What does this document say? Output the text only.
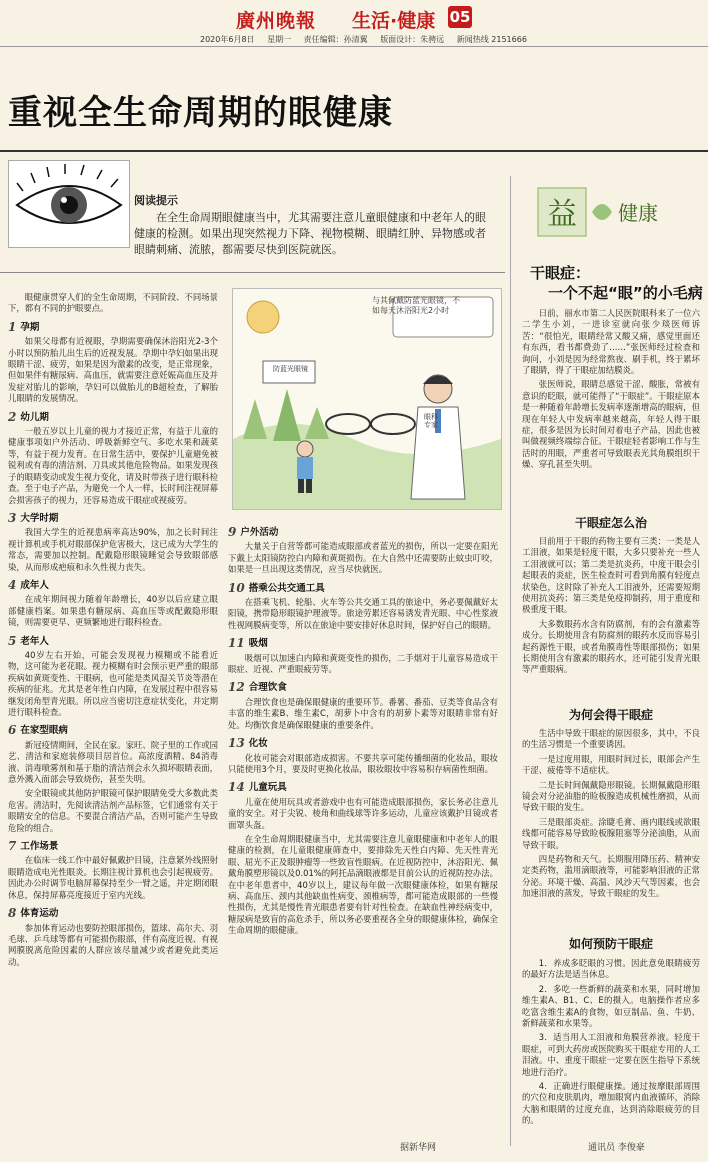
廣州晚報 生活·健康 05
2020年6月8日 星期一 责任编辑：孙清翼 版面设计：朱骋远 新闻热线 2151666
重视全生命周期的眼健康
阅读提示
在全生命周期眼健康当中，尤其需要注意儿童眼健康和中老年人的眼健康的检测。如果出现突然视力下降、视物模糊、眼睛红肿、异物感或者眼睛刺痛、流脓，都需要尽快到医院就医。

眼健康贯穿人们的全生命周期，不同阶段、不同场景下，都有不同的护眼要点。

1 孕期

如果父母都有近视眼，孕期需要确保沐浴阳光2-3个小时以预防胎儿出生后的近视发展。孕期中孕妇如果出现眼睛干涩、疲劳，如果是因为激素的改变，是正常现象，但如果伴有糖尿病、高血压，就需要注意妊娠高血压及并发症对胎儿的影响，孕妇可以做胎儿的B超检查，了解胎儿眼睛的发展情况。

2 幼儿期

一般五岁以上儿童的视力才接近正常，有益于儿童的健康事项如户外活动、呼吸新鲜空气、多吃水果和蔬菜等，有益于视力发育。在日常生活中，要保护儿童避免被锐利或有毒的清洁剂、刀具或其他危险物品。如果发现孩子的眼睛变动或发生视力变化，请及时带孩子进行眼科检查。至于电子产品，为避免一个人一样，长时间注视屏幕会损害孩子的视力，还容易造成干眼症或视疲劳。

3 大学时期

我国大学生的近视患病率高达90%，加之长时间注视计算机或手机对眼部保护危害极大，这已成为大学生的常态，需要加以控制。配戴隐形眼镜睡觉会导致眼部感染，从而形成疤痕和永久性视力丧失。

4 成年人

在成年期间视力随着年龄增长，40岁以后应建立眼部健康档案。如果患有糖尿病、高血压等或配戴隐形眼镜，则需要更早、更频繁地进行眼科检查。

5 老年人

40岁左右开始，可能会发现视力模糊或不能看近物，这可能为老花眼。视力模糊有时会预示更严重的眼部疾病如黄斑变性、干眼病，也可能是类风湿关节炎等潜在疾病的征兆。尤其是老年性白内障，在发展过程中很容易继发闭角型青光眼。所以应当密切注意症状变化，并定期进行眼科检查。

6 在家型眼病

新冠疫情期间，全民在家。家旺、院子里的工作或园艺、清洁和家庭装修项目居首位。高浓度酒精、84消毒液、消毒喷雾剂和基于脂的清洁剂会永久损坏眼睛表面，意外溅入面部会导致烧伤，甚至失明。

安全眼镜或其他防护眼镜可保护眼睛免受大多数此类危害。清洁时，先阅读清洁剂产品标签，它们通常有关于眼睛安全的信息。不要混合清洁产品，否则可能产生导致危险的组合。

7 工作场景

在临床一线工作中最好佩戴护目镜，注意紧外线照射眼睛造成电光性眼炎。长期注视计算机也会引起视疲劳。因此办公时调节电脑屏幕保持至少一臂之遥，并定期闭眼休息，保持屏幕亮度接近于室内光线。

8 体育运动

参加体育运动也要防控眼部损伤，篮球、高尔夫、羽毛球、乒乓球等都有可能损伤眼部，伴有高度近视、有视网膜脱离危险因素的人群应该尽量减少或者避免此类运动。

与其佩戴防蓝光眼镜，不如每天沐浴阳光2小时
防蓝光眼镜
眼科专家
9 户外活动

大量关于自营等都可能造成眼部或者蓝光的损伤，所以一定要在阳光下戴上太阳镜防控白内障和黄斑损伤。在大自然中还需要防止蚊虫叮咬，如果是一旦出现这类情况，应当尽快就医。

10 搭乘公共交通工具

在搭乘飞机、轮船、火车等公共交通工具的旅途中，务必要佩戴好太阳镜，携带隐形眼镜护理液等。旅途劳累还容易诱发青光眼、中心性浆液性视网膜病变等，所以在旅途中要安排好休息时间，保护好自己的眼睛。

11 吸烟

吸烟可以加速白内障和黄斑变性的损伤，二手烟对于儿童容易造成干眼症、近视、严重眼疲劳等。

12 合理饮食

合理饮食也是确保眼健康的重要环节。番薯、番茄、豆类等食品含有丰富的维生素B、维生素C，胡萝卜中含有的胡萝卜素等对眼睛非常有好处。均衡饮食是确保眼健康的重要条件。

13 化妆

化妆可能会对眼部造成损害。不要共享可能传播细菌的化妆品，眼妆只能使用3个月，要及时更换化妆品，眼妆眼妆中容易积存病菌性细菌。

14 儿童玩具

儿童在使用玩具或者游戏中也有可能造成眼部损伤，家长务必注意儿童的安全。对于尖锐、棱角和曲线球等许多运动，儿童应该戴护目镜或者面罩头盔。

在全生命周期眼健康当中，尤其需要注意儿童眼健康和中老年人的眼健康的检测，在儿童眼健康筛查中，要排除先天性白内障、先天性青光眼、屈光不正及眼肿瘤等一些致盲性眼病。在近视防控中，沐浴阳光、佩戴角膜塑形镜以及0.01%的阿托品滴眼液都是目前公认的近视防控办法。在中老年患者中，40岁以上，建议每年做一次眼健康体检，如果有糖尿病、高血压、颈内其他缺血性病变、颈椎病等，都可能造成眼部的一些慢性损伤，尤其是慢性青光眼患者要有针对性检查。在缺血性神经病变中，糖尿病是致盲的高危杀手，所以务必要重视各全身的眼健康体检，确保全生命周期的眼健康。

据新华网
益 健康
干眼症：
一个不起“眼”的小毛病

日前，丽水市第二人民医院眼科来了一位六二学生小刘，一进诊室就向张少琰医师诉苦：“很怕光，眼睛经常又酸又痛，感觉里面还有东西，看书都费劲了……”张医师经过检查和询问，小刘是因为经常熬夜、刷手机，终于累坏了眼睛，得了干眼症加结膜炎。

张医师说，眼睛总感觉干涩、酸胀，常被有意识的眨眼，就可能得了“干眼症”。干眼症原本是一种随着年龄增长发病率逐渐增高的眼病，但现在年轻人中发病率越来越高，年轻人得干眼症，很多是因为长时间对着电子产品，因此也被叫做视频终端综合征。干眼症轻者影响工作与生活时的用眼，严重者可导致眼表光其角膜组织干燥、穿孔甚至失明。

干眼症怎么治

目前用于干眼的药物主要有三类：一类是人工泪液，如果是轻度干眼，大多只要补充一些人工泪液就可以；第二类是抗炎药，中度干眼会引起眼表的炎症，医生检查时可看到角膜有轻度点状染色，这时除了补充人工泪液外，还需要短期使用抗炎药；第三类是免疫抑制药，用于重度和极重度干眼。

大多数眼药水含有防腐剂，有的会有激素等成分。长期使用含有防腐剂的眼药水反而容易引起药源性干眼，或者角膜毒性等眼部损伤；如果长期使用含有激素的眼药水，还可能引发青光眼等严重眼病。

为何会得干眼症

生活中导致干眼症的原因很多，其中，不良的生活习惯是一个重要诱因。

一是过度用眼，用眼时间过长，眼部会产生干涩、疲倦等不适症状。

二是长时间佩戴隐形眼镜。长期佩戴隐形眼镜会对分泌油脂的睑板腺造成机械性磨损，从而导致干眼的发生。

三是眼部炎症。涂睫毛膏、画内眼线或欲眼线都可能容易导致睑板腺阻塞等分泌油脂，从而导致干眼。

四是药物和天气。长期服用降压药、精神安定类药物，滥用滴眼液等，可能影响泪液的正常分泌。环境干燥、高温、风沙天气等因素，也会加速泪液的蒸发，导致干眼症的发生。

如何预防干眼症

1．养成多眨眼的习惯。因此意免眼睛疲劳的最好方法是适当休息。

2．多吃一些新鲜的蔬菜和水果，同时增加维生素A、B1、C、E的摄入。电脑操作者应多吃富含维生素A的食物，如豆制品、鱼、牛奶、新鲜蔬菜和水果等。

3．适当用人工泪液和角膜营养液。轻度干眼症，可到大药房或医院购买干眼症专用的人工泪液。中、重度干眼症一定要在医生指导下系统地进行治疗。

4．正确进行眼健康操。通过按摩眼部周围的穴位和皮肤肌肉，增加眼窝内血液循环，消除大脑和眼睛的过度充血，达到消除眼疲劳的目的。

通讯员 李俊豪
